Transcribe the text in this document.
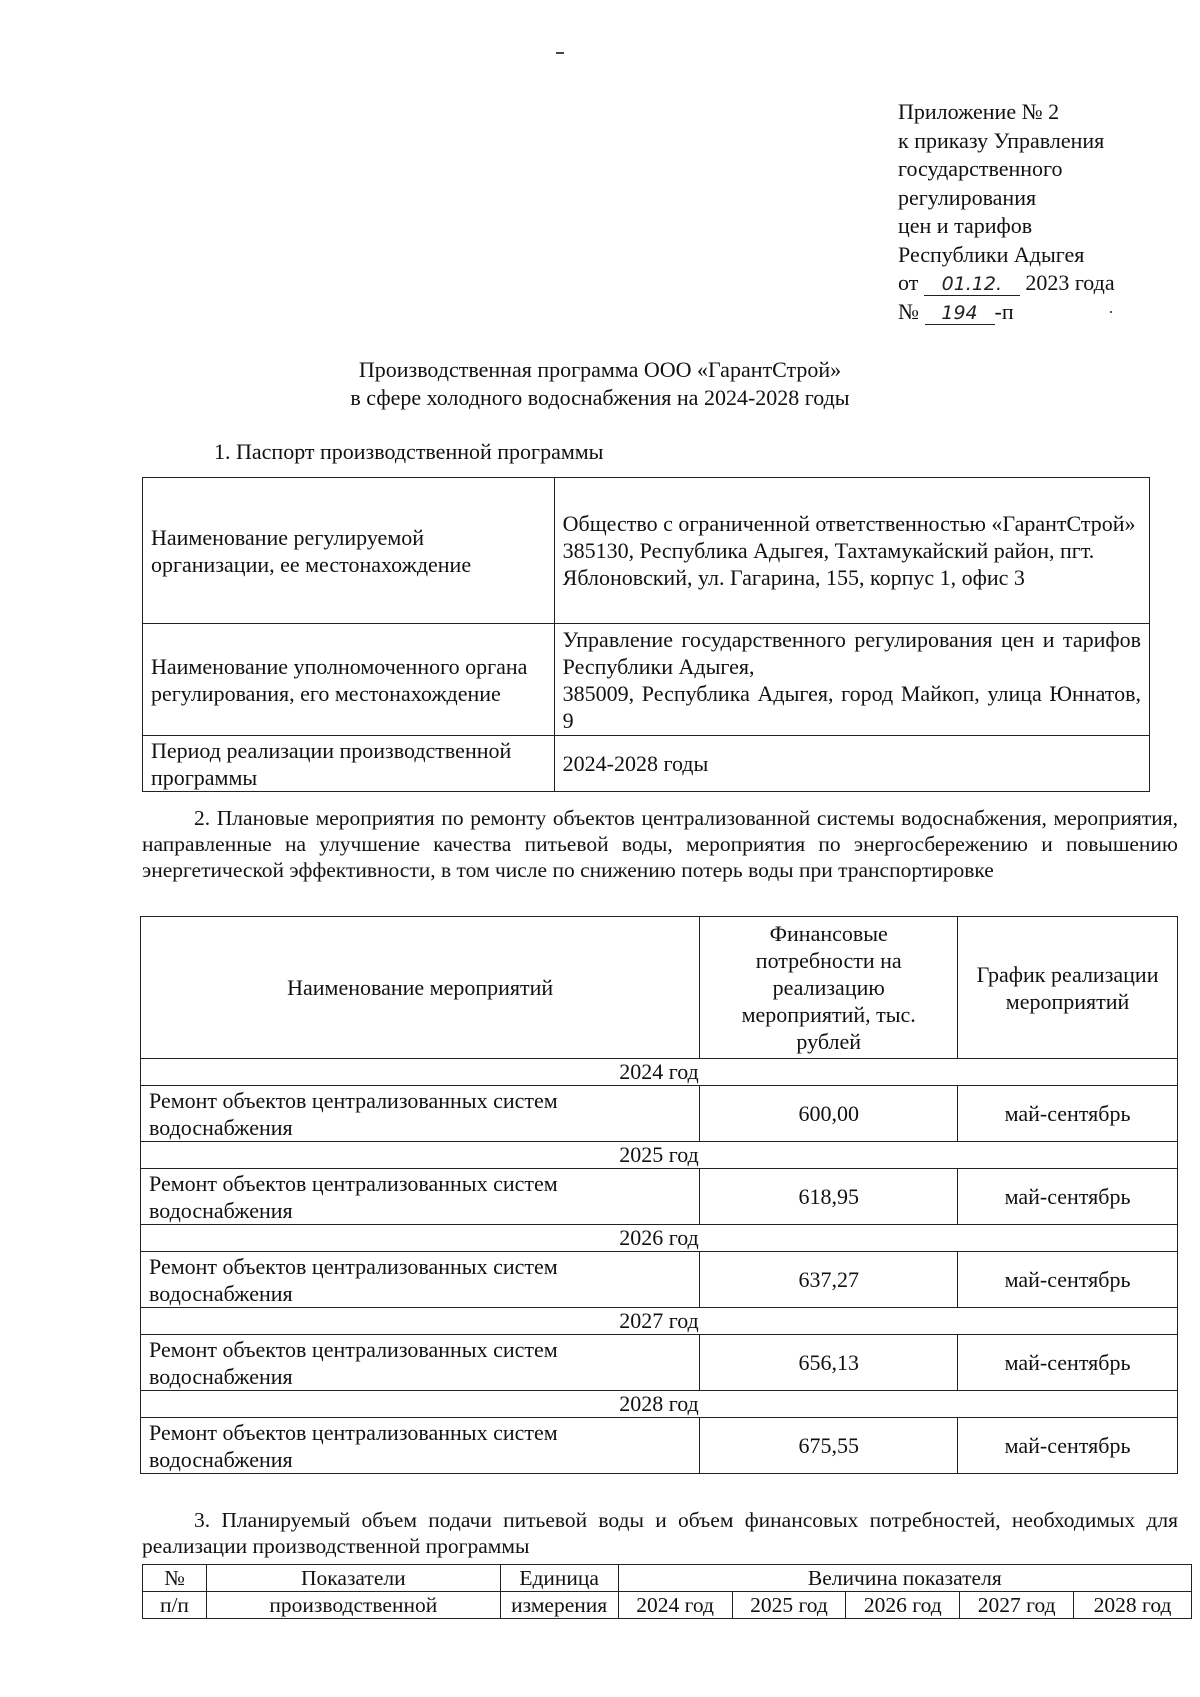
Приложение № 2
к приказу Управления
государственного
регулирования
цен и тарифов
Республики Адыгея
от 01.12. 2023 года
№ 194 -п
Производственная программа ООО «ГарантСтрой»
в сфере холодного водоснабжения на 2024-2028 годы
1. Паспорт производственной программы
Наименование регулируемой организации, ее местонахождение	Общество с ограниченной ответственностью «ГарантСтрой»
385130, Республика Адыгея, Тахтамукайский район, пгт. Яблоновский, ул. Гагарина, 155, корпус 1, офис 3

Наименование уполномоченного органа регулирования, его местонахождение	Управление государственного регулирования цен и тарифов Республики Адыгея,
385009, Республика Адыгея, город Майкоп, улица Юннатов, 9

Период реализации производственной программы	2024-2028 годы

2. Плановые мероприятия по ремонту объектов централизованной системы водоснабжения, мероприятия, направленные на улучшение качества питьевой воды, мероприятия по энергосбережению и повышению энергетической эффективности, в том числе по снижению потерь воды при транспортировке

Наименование мероприятий	Финансовые потребности на реализацию мероприятий, тыс. рублей	График реализации мероприятий
2024 год		
Ремонт объектов централизованных систем водоснабжения	600,00	май-сентябрь
2025 год		
Ремонт объектов централизованных систем водоснабжения	618,95	май-сентябрь
2026 год		
Ремонт объектов централизованных систем водоснабжения	637,27	май-сентябрь
2027 год		
Ремонт объектов централизованных систем водоснабжения	656,13	май-сентябрь
2028 год		
Ремонт объектов централизованных систем водоснабжения	675,55	май-сентябрь

3. Планируемый объем подачи питьевой воды и объем финансовых потребностей, необходимых для реализации производственной программы

№	Показатели	Единица	Величина показателя				
п/п	производственной	измерения	2024 год	2025 год	2026 год	2027 год	2028 год
